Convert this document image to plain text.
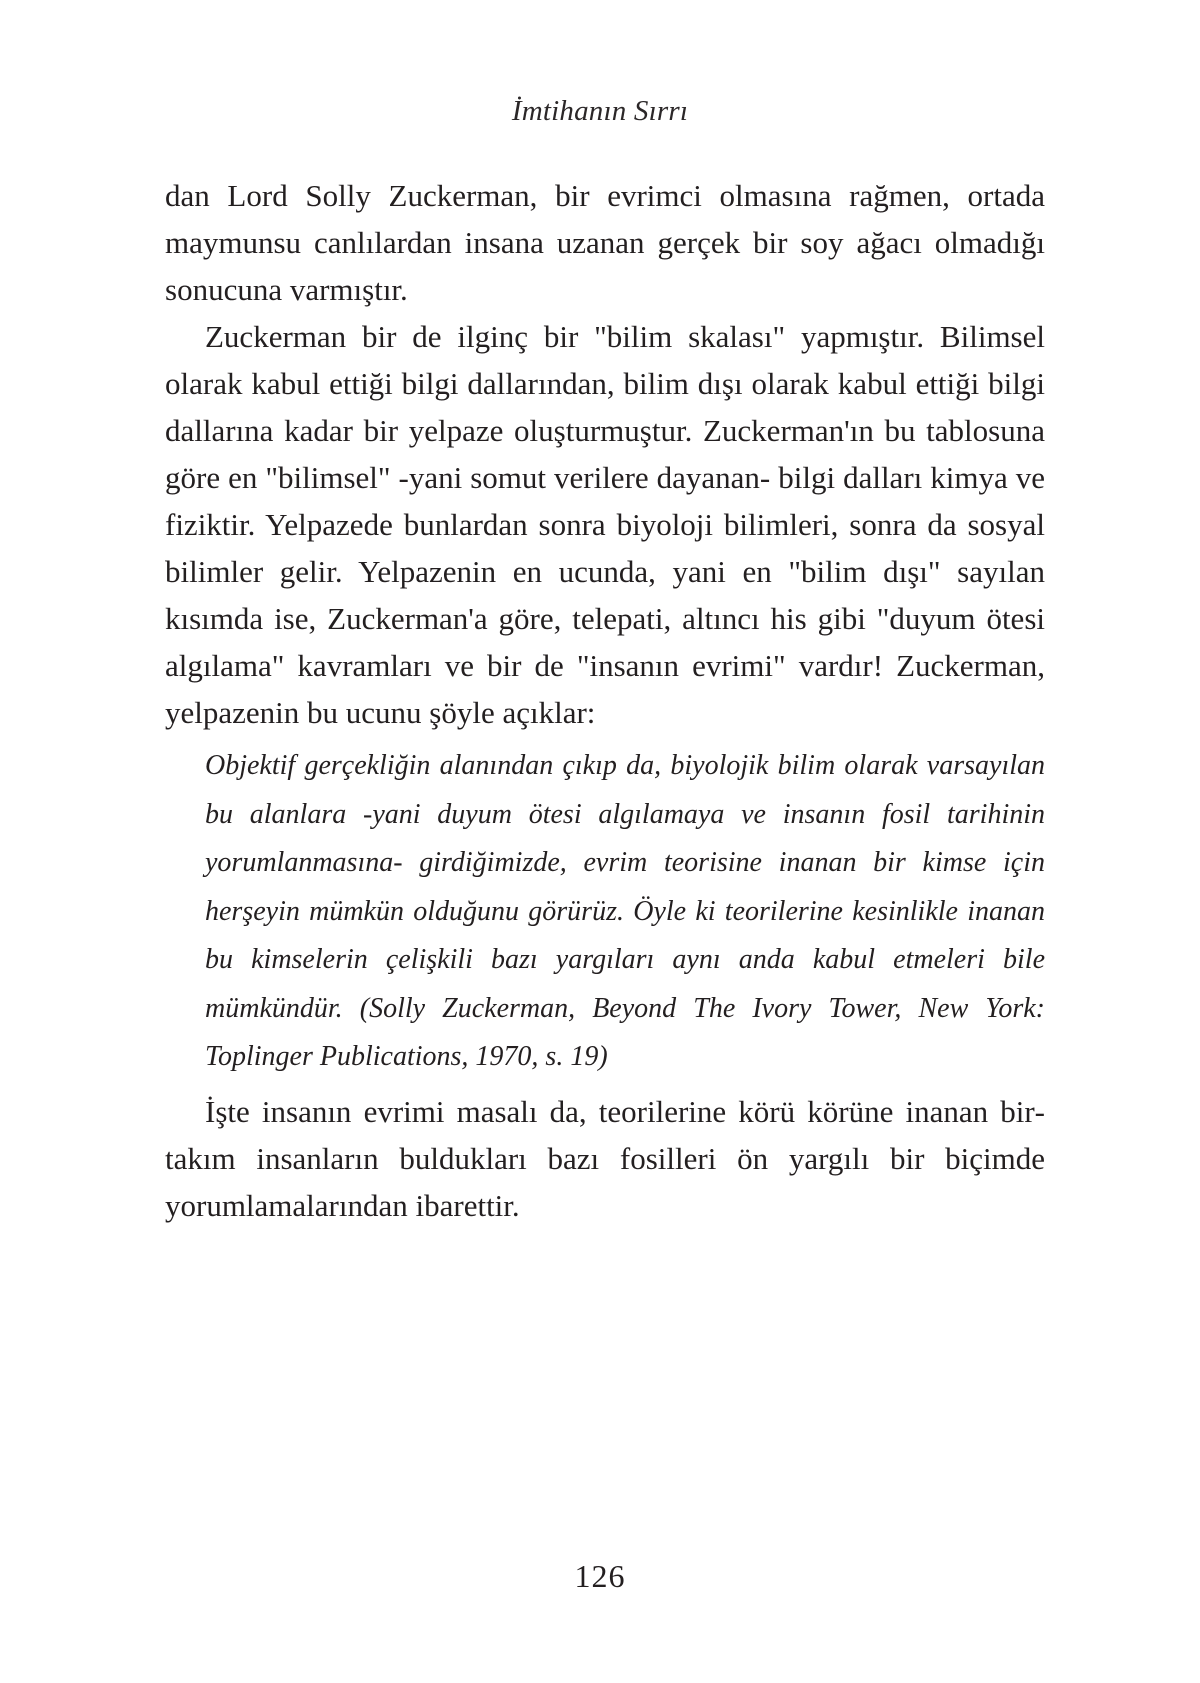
İmtihanın Sırrı

dan Lord Solly Zuckerman, bir evrimci olmasına rağmen, ortada maymunsu canlılardan insana uzanan gerçek bir soy ağacı olmadığı sonucuna varmıştır.

Zuckerman bir de ilginç bir "bilim skalası" yapmıştır. Bilimsel olarak kabul ettiği bilgi dallarından, bilim dışı olarak kabul ettiği bilgi dallarına kadar bir yelpaze oluşturmuştur. Zuckerman'ın bu tablosuna göre en "bilimsel" -yani somut verilere dayanan- bilgi dalları kimya ve fiziktir. Yelpazede bunlardan sonra biyoloji bilimleri, sonra da sosyal bilimler gelir. Yelpazenin en ucunda, yani en "bilim dışı" sayılan kısımda ise, Zuckerman'a göre, telepati, altıncı his gibi "duyum ötesi algılama" kavramları ve bir de "insanın evrimi" vardır! Zuckerman, yelpazenin bu ucunu şöyle açıklar:

Objektif gerçekliğin alanından çıkıp da, biyolojik bilim olarak varsayılan bu alanlara -yani duyum ötesi algılamaya ve insanın fosil tarihinin yorumlanmasına- girdiğimizde, evrim teorisine inanan bir kimse için herşeyin mümkün olduğunu görürüz. Öyle ki teorilerine kesinlikle inanan bu kimselerin çelişkili bazı yargıları aynı anda kabul etmeleri bile mümkündür. (Solly Zuckerman, Beyond The Ivory Tower, New York: Toplinger Publications, 1970, s. 19)

İşte insanın evrimi masalı da, teorilerine körü körüne inanan birtakım insanların buldukları bazı fosilleri ön yargılı bir biçimde yorumlamalarından ibarettir.

126
